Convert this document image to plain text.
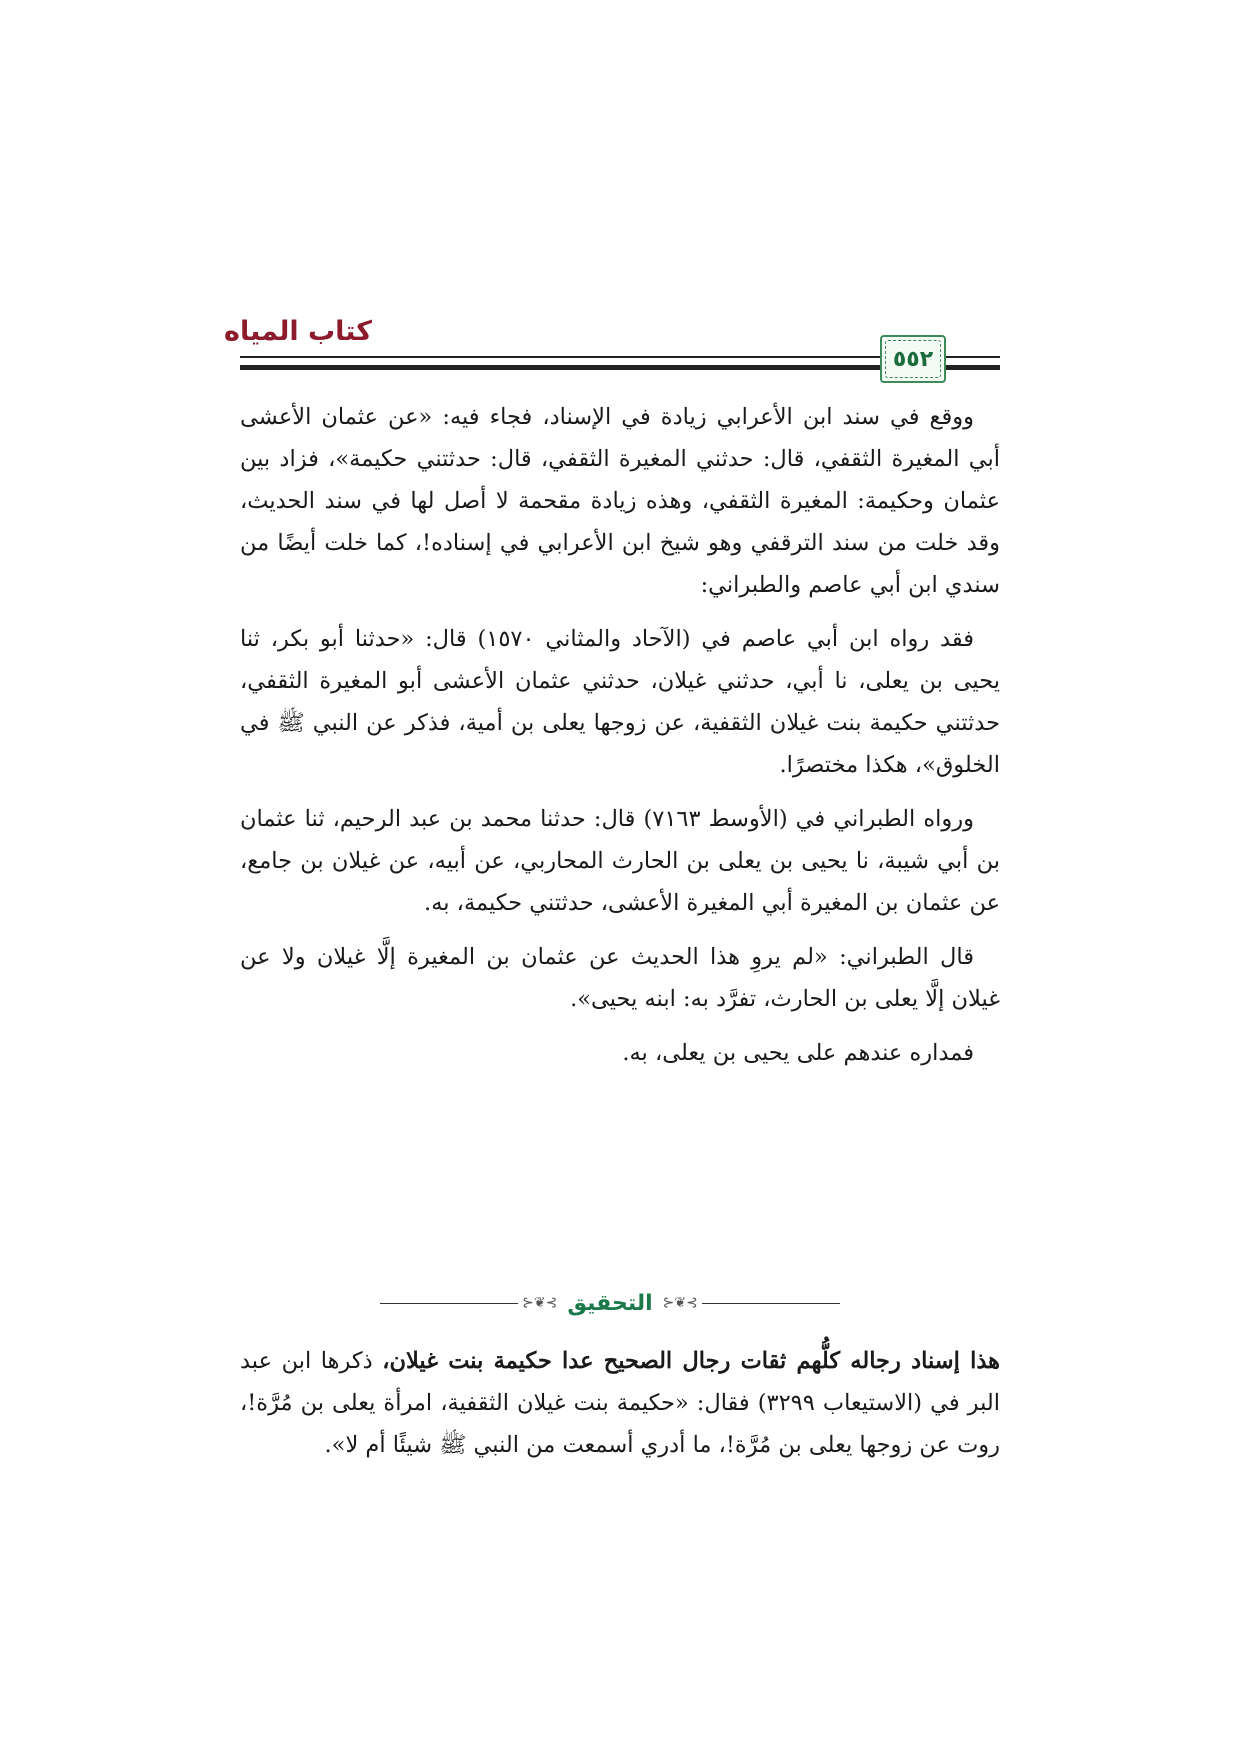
كتاب المياه
٥٥٢

ووقع في سند ابن الأعرابي زيادة في الإسناد، فجاء فيه: «عن عثمان الأعشى أبي المغيرة الثقفي، قال: حدثني المغيرة الثقفي، قال: حدثتني حكيمة»، فزاد بين عثمان وحكيمة: المغيرة الثقفي، وهذه زيادة مقحمة لا أصل لها في سند الحديث، وقد خلت من سند الترقفي وهو شيخ ابن الأعرابي في إسناده!، كما خلت أيضًا من سندي ابن أبي عاصم والطبراني:

فقد رواه ابن أبي عاصم في (الآحاد والمثاني ١٥٧٠) قال: «حدثنا أبو بكر، ثنا يحيى بن يعلى، نا أبي، حدثني غيلان، حدثني عثمان الأعشى أبو المغيرة الثقفي، حدثتني حكيمة بنت غيلان الثقفية، عن زوجها يعلى بن أمية، فذكر عن النبي ﷺ في الخلوق»، هكذا مختصرًا.

ورواه الطبراني في (الأوسط ٧١٦٣) قال: حدثنا محمد بن عبد الرحيم، ثنا عثمان بن أبي شيبة، نا يحيى بن يعلى بن الحارث المحاربي، عن أبيه، عن غيلان بن جامع، عن عثمان بن المغيرة أبي المغيرة الأعشى، حدثتني حكيمة، به.

قال الطبراني: «لم يروِ هذا الحديث عن عثمان بن المغيرة إلَّا غيلان ولا عن غيلان إلَّا يعلى بن الحارث، تفرَّد به: ابنه يحيى».

فمداره عندهم على يحيى بن يعلى، به.

⊱❦⊰
التحقيق
⊱❦⊰

هذا إسناد رجاله كلُّهم ثقات رجال الصحيح عدا حكيمة بنت غيلان، ذكرها ابن عبد البر في (الاستيعاب ٣٢٩٩) فقال: «حكيمة بنت غيلان الثقفية، امرأة يعلى بن مُرَّة!، روت عن زوجها يعلى بن مُرَّة!، ما أدري أسمعت من النبي ﷺ شيئًا أم لا».
